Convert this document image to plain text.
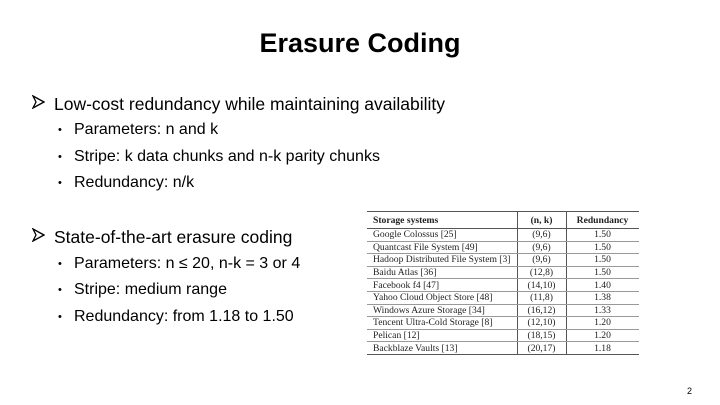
Erasure Coding
Low-cost redundancy while maintaining availability
• Parameters: n and k
• Stripe: k data chunks and n-k parity chunks
• Redundancy: n/k
State-of-the-art erasure coding
• Parameters: n ≤ 20, n-k = 3 or 4
• Stripe: medium range
• Redundancy: from 1.18 to 1.50
Storage systems	(n, k)	Redundancy
Google Colossus [25]	(9,6)	1.50
Quantcast File System [49]	(9,6)	1.50
Hadoop Distributed File System [3]	(9,6)	1.50
Baidu Atlas [36]	(12,8)	1.50
Facebook f4 [47]	(14,10)	1.40
Yahoo Cloud Object Store [48]	(11,8)	1.38
Windows Azure Storage [34]	(16,12)	1.33
Tencent Ultra-Cold Storage [8]	(12,10)	1.20
Pelican [12]	(18,15)	1.20
Backblaze Vaults [13]	(20,17)	1.18
2
